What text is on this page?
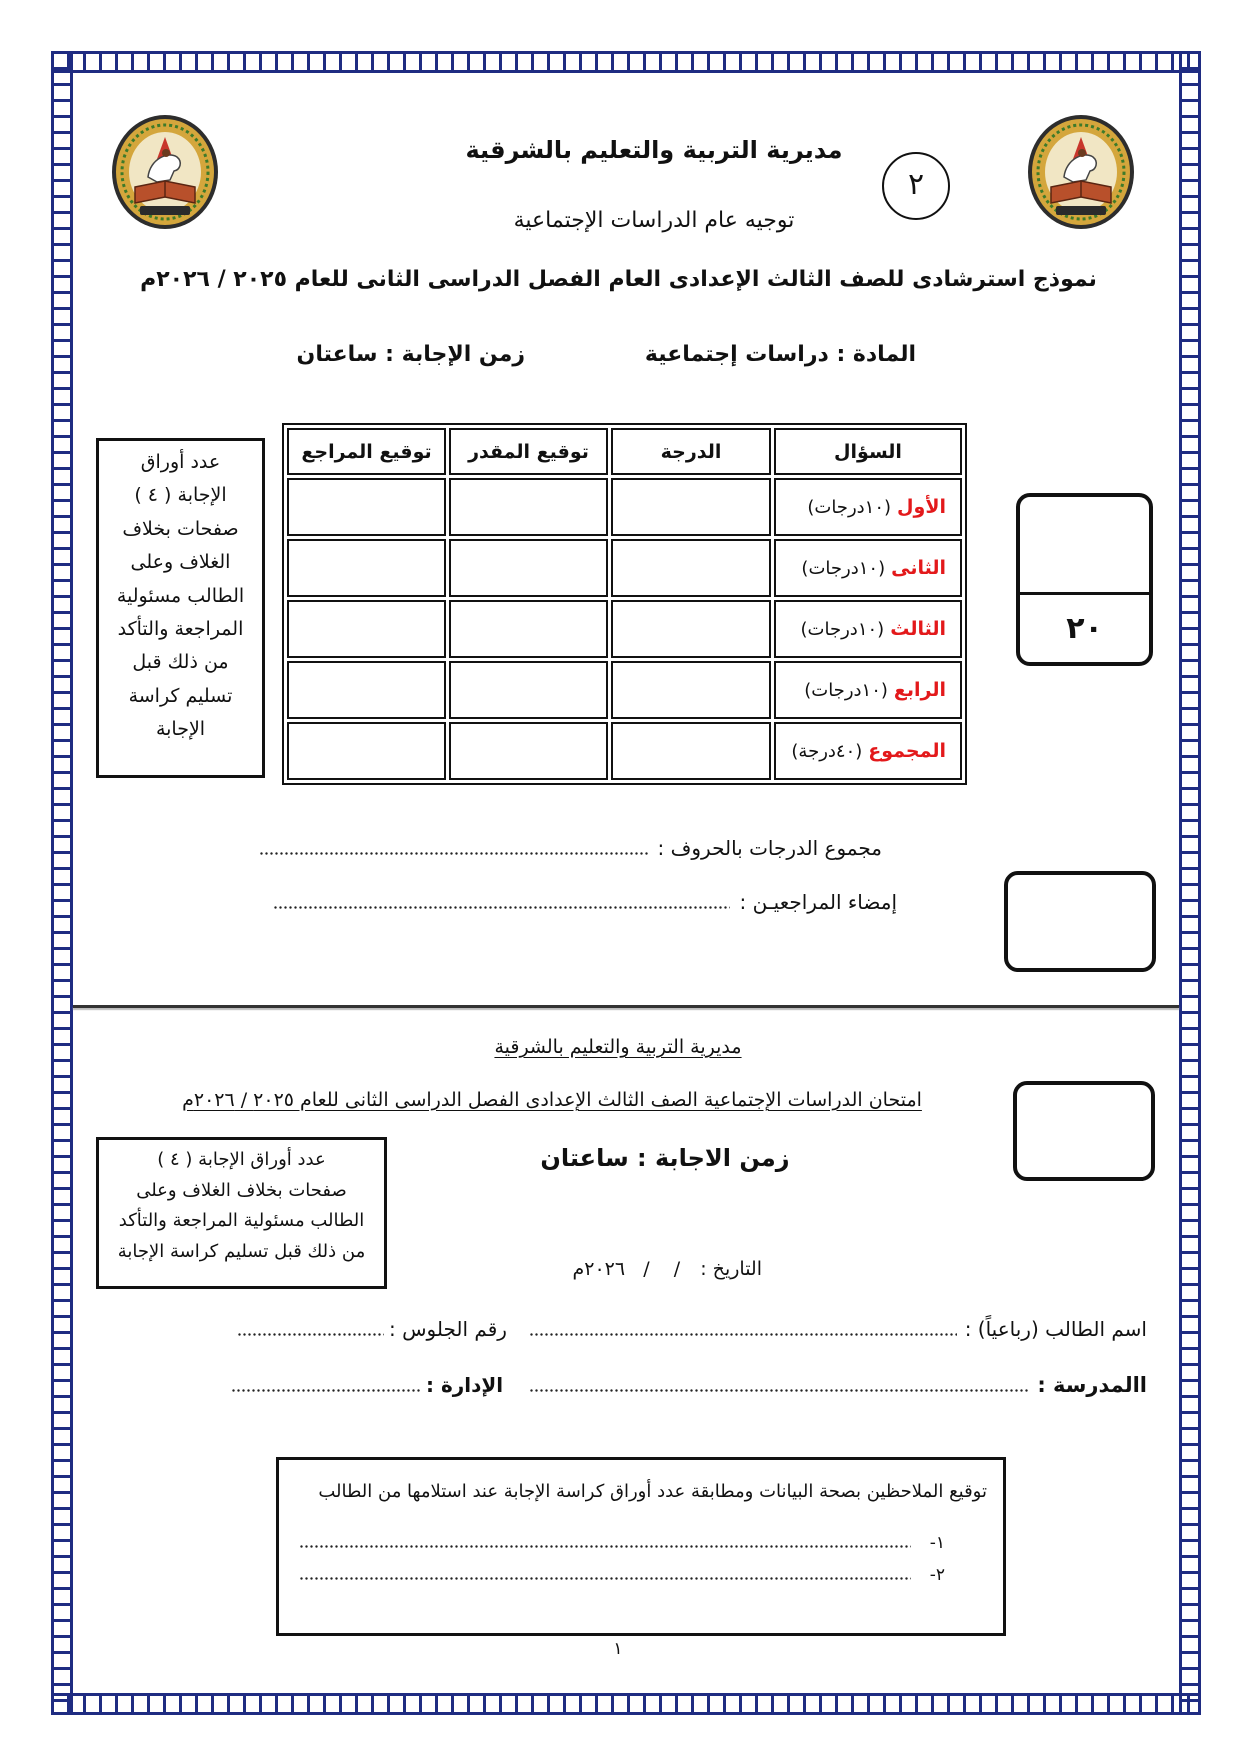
مديرية التربية والتعليم بالشرقية
توجيه عام الدراسات الإجتماعية
٢
نموذج استرشادى للصف الثالث الإعدادى العام الفصل الدراسى الثانى للعام ٢٠٢٥ / ٢٠٢٦م
المادة : دراسات إجتماعية
زمن الإجابة : ساعتان
عدد أوراق
الإجابة ( ٤ )
صفحات بخلاف
الغلاف وعلى
الطالب مسئولية
المراجعة والتأكد
من ذلك قبل
تسليم كراسة
الإجابة
السؤال
الدرجة
توقيع المقدر
توقيع المراجع
الأول
(١٠درجات)
الثانى
(١٠درجات)
الثالث
(١٠درجات)
الرابع
(١٠درجات)
المجموع
(٤٠درجة)
٢٠
مجموع الدرجات بالحروف :
إمضاء المراجعيـن :
مديرية التربية والتعليم بالشرقية
امتحان الدراسات الإجتماعية الصف الثالث الإعدادى الفصل الدراسى الثانى للعام ٢٠٢٥ / ٢٠٢٦م
زمن الاجابة : ساعتان
عدد أوراق الإجابة ( ٤ )
صفحات بخلاف الغلاف وعلى
الطالب مسئولية المراجعة والتأكد
من ذلك قبل تسليم كراسة الإجابة
التاريخ : /    /   ٢٠٢٦م
اسم الطالب (رباعياً) :
رقم الجلوس :
االمدرسة :
الإدارة :
توقيع الملاحظين بصحة البيانات ومطابقة عدد أوراق كراسة الإجابة عند استلامها من الطالب
١-
٢-
١
